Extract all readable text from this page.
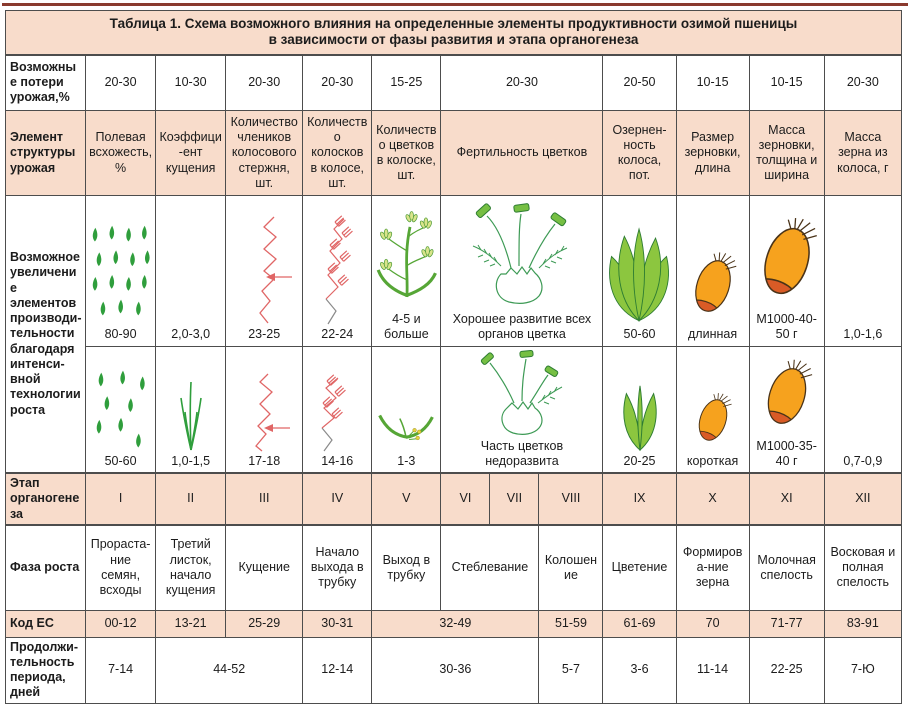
Таблица 1. Схема возможного влияния на определенные элементы продуктивности озимой пшеницы
в зависимости от фазы развития и этапа органогенеза												

Возможные потери урожая,%	20-30	10-30	20-30	20-30	15-25	20-30			20-50	10-15	10-15	20-30
Элемент структуры урожая	Полевая всхожесть, %	Коэффици-ент кущения	Количество члеников колосового стержня, шт.	Количество колосков в колосе, шт.	Количество цветков в колоске, шт.	Фертильность цветков			Озернен-ность колоса, пот.	Размер зерновки, длина	Масса зерновки, толщина и ширина	Масса зерна из колоса, г
Возможное увеличение элементов производи-тельности благодаря интенси-вной технологии роста	80-90	2,0-3,0	23-25	22-24	4-5 и больше	Хорошее развитие всех органов цветка			50-60	длинная	М1000-40-50 г	1,0-1,6

	50-60	1,0-1,5	17-18	14-16	1-3	Часть цветков недоразвита			20-25	короткая	М1000-35-40 г	0,7-0,9

Этап органогенеза	I	II	III	IV	V	VI	VII	VIII	IX	X	XI	XII
Фаза роста	Прораста-ние семян, всходы	Третий листок, начало кущения	Кущение	Начало выхода в трубку	Выход в трубку	Стеблевание		Колошение	Цветение	Формирова-ние зерна	Молочная спелость	Восковая и полная спелость
Код ЕС	00-12	13-21	25-29	30-31	32-49			51-59	61-69	70	71-77	83-91
Продолжи-тельность периода, дней	7-14	44-52		12-14	30-36			5-7	3-6	11-14	22-25	7-Ю
